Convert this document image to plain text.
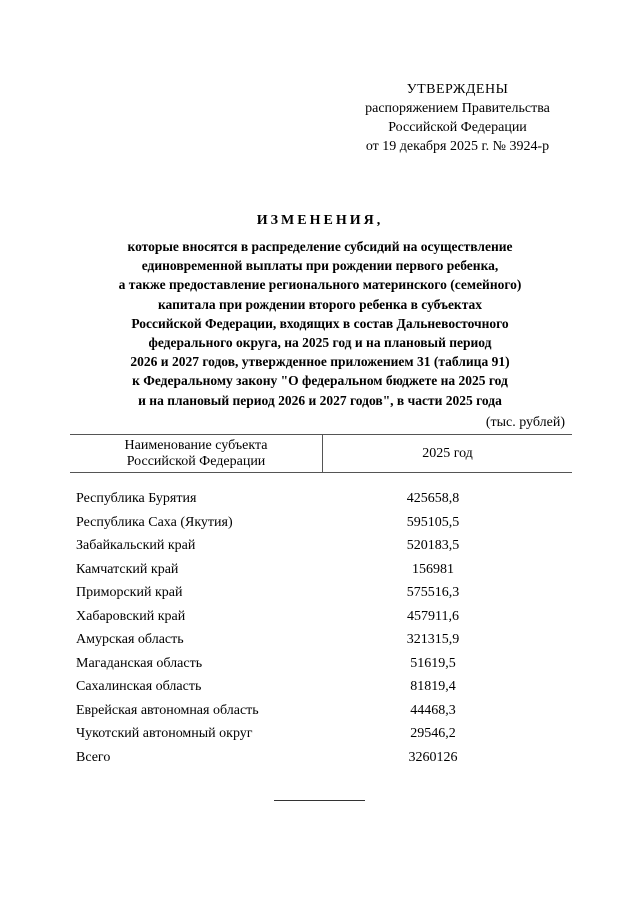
УТВЕРЖДЕНЫ
распоряжением Правительства
Российской Федерации
от 19 декабря 2025 г. № 3924-р
ИЗМЕНЕНИЯ,
которые вносятся в распределение субсидий на осуществление
единовременной выплаты при рождении первого ребенка,
а также предоставление регионального материнского (семейного)
капитала при рождении второго ребенка в субъектах
Российской Федерации, входящих в состав Дальневосточного
федерального округа, на 2025 год и на плановый период
2026 и 2027 годов, утвержденное приложением 31 (таблица 91)
к Федеральному закону "О федеральном бюджете на 2025 год
и на плановый период 2026 и 2027 годов", в части 2025 года
(тыс. рублей)
Наименование субъекта
Российской Федерации
2025 год
Республика Бурятия	425658,8
Республика Саха (Якутия)	595105,5
Забайкальский край	520183,5
Камчатский край	156981
Приморский край	575516,3
Хабаровский край	457911,6
Амурская область	321315,9
Магаданская область	51619,5
Сахалинская область	81819,4
Еврейская автономная область	44468,3
Чукотский автономный округ	29546,2
Всего	3260126
